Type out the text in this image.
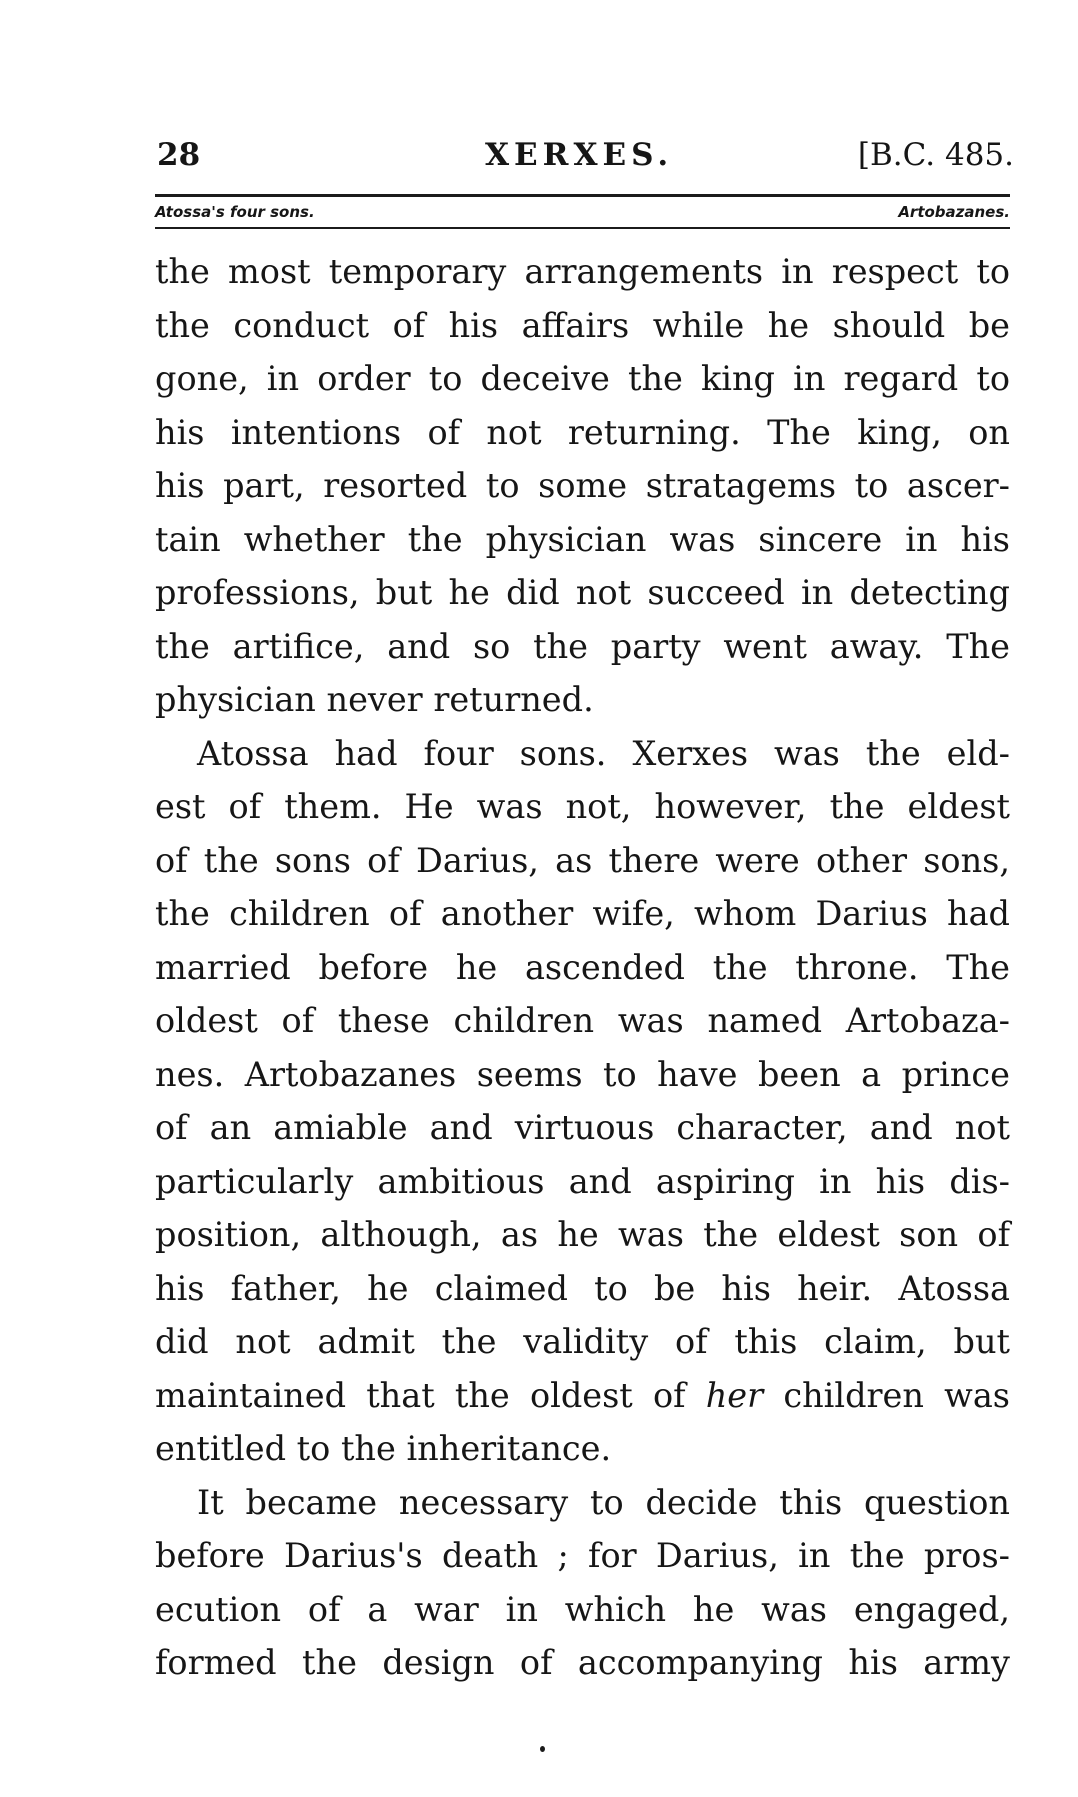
28	XERXES.	[B.C. 485.
Atossa's four sons.	Artobazanes.
the most temporary arrangements in respect to
the conduct of his affairs while he should be
gone, in order to deceive the king in regard to
his intentions of not returning. The king, on
his part, resorted to some stratagems to ascer-
tain whether the physician was sincere in his
professions, but he did not succeed in detecting
the artifice, and so the party went away. The
physician never returned.
Atossa had four sons. Xerxes was the eld-
est of them. He was not, however, the eldest
of the sons of Darius, as there were other sons,
the children of another wife, whom Darius had
married before he ascended the throne. The
oldest of these children was named Artobaza-
nes. Artobazanes seems to have been a prince
of an amiable and virtuous character, and not
particularly ambitious and aspiring in his dis-
position, although, as he was the eldest son of
his father, he claimed to be his heir. Atossa
did not admit the validity of this claim, but
maintained that the oldest of her children was
entitled to the inheritance.
It became necessary to decide this question
before Darius's death ; for Darius, in the pros-
ecution of a war in which he was engaged,
formed the design of accompanying his army
